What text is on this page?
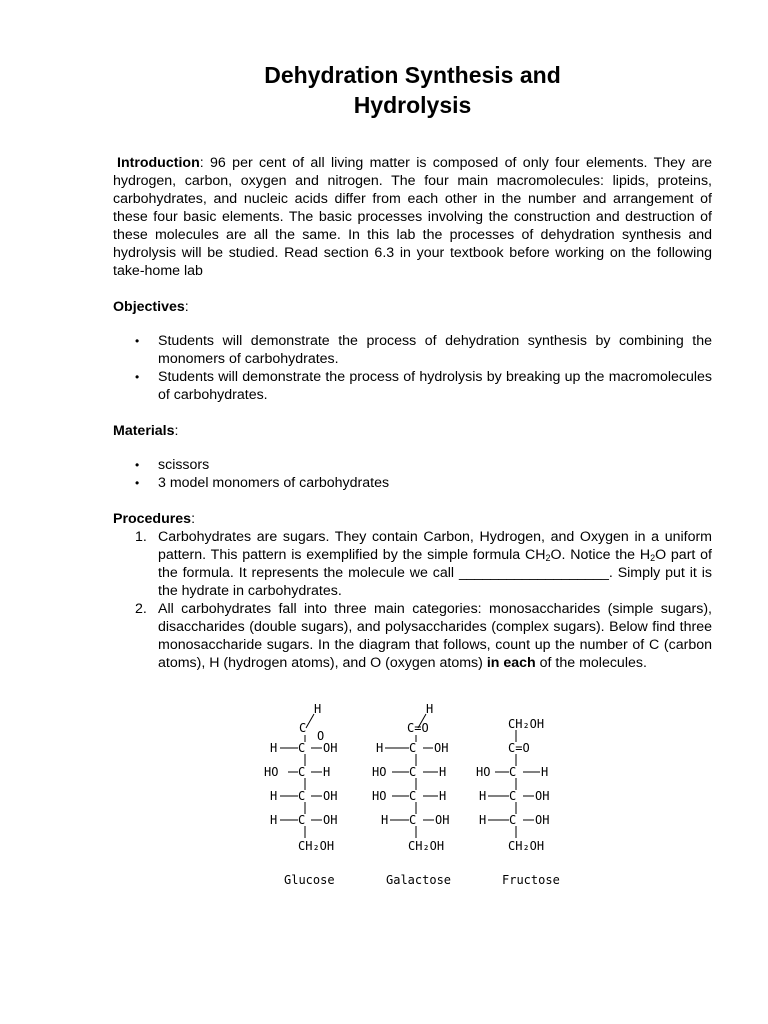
Dehydration Synthesis and
Hydrolysis

Introduction: 96 per cent of all living matter is composed of only four elements. They are hydrogen, carbon, oxygen and nitrogen. The four main macromolecules: lipids, proteins, carbohydrates, and nucleic acids differ from each other in the number and arrangement of these four basic elements. The basic processes involving the construction and destruction of these molecules are all the same. In this lab the processes of dehydration synthesis and hydrolysis will be studied. Read section 6.3 in your textbook before working on the following take-home lab

Objectives:

• Students will demonstrate the process of dehydration synthesis by combining the monomers of carbohydrates.
• Students will demonstrate the process of hydrolysis by breaking up the macromolecules of carbohydrates.

Materials:

• scissors
• 3 model monomers of carbohydrates

Procedures:

1. Carbohydrates are sugars. They contain Carbon, Hydrogen, and Oxygen in a uniform pattern. This pattern is exemplified by the simple formula $CH_2O$. Notice the $H_2O$ part of the formula. It represents the molecule we call ___________________. Simply put it is the hydrate in carbohydrates.
2. All carbohydrates fall into three main categories: monosaccharides (simple sugars), disaccharides (double sugars), and polysaccharides (complex sugars). Below find three monosaccharide sugars. In the diagram that follows, count up the number of C (carbon atoms), H (hydrogen atoms), and O (oxygen atoms) in each of the molecules.
H
C
O
H	OH
HO	H
H	OH
H	OH
C
C
C
C
CH₂OH
Glucose
H
C=O
H	OH
HO	H
HO	H
H	OH
C
C
C
C
CH₂OH
Galactose
CH₂OH
C=O
HO	H
H	OH
H	OH
C
C
C
CH₂OH
Fructose
